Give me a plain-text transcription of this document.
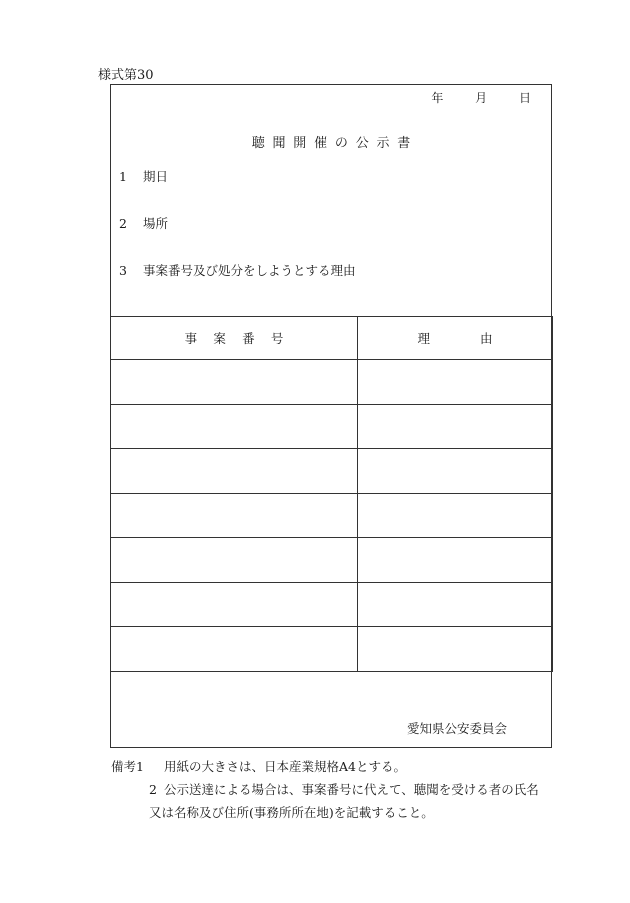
様式第30
年	月	日
聴聞開催の公示書
1 期日
2 場所
3 事案番号及び処分をしようとする理由
事案番号	理由

愛知県公安委員会
備考1 用紙の大きさは、日本産業規格A4とする。
2 公示送達による場合は、事案番号に代えて、聴聞を受ける者の氏名
又は名称及び住所(事務所所在地)を記載すること。
